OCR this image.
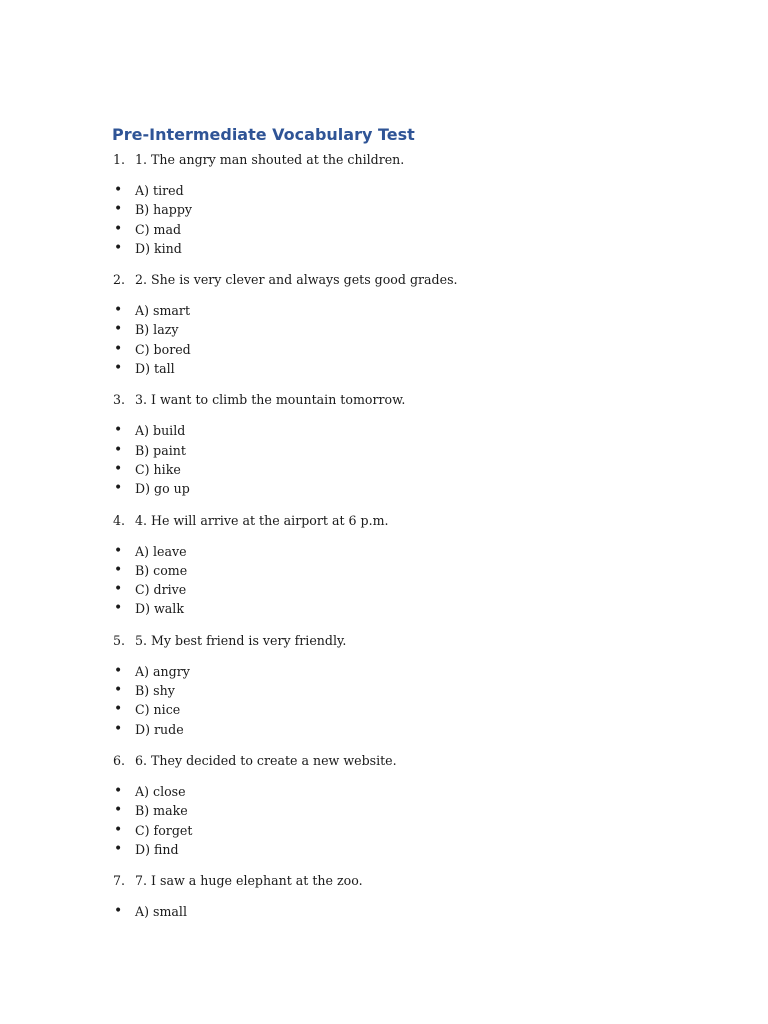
Pre-Intermediate Vocabulary Test
1. 1. The angry man shouted at the children.
• A) tired
• B) happy
• C) mad
• D) kind
2. 2. She is very clever and always gets good grades.
• A) smart
• B) lazy
• C) bored
• D) tall
3. 3. I want to climb the mountain tomorrow.
• A) build
• B) paint
• C) hike
• D) go up
4. 4. He will arrive at the airport at 6 p.m.
• A) leave
• B) come
• C) drive
• D) walk
5. 5. My best friend is very friendly.
• A) angry
• B) shy
• C) nice
• D) rude
6. 6. They decided to create a new website.
• A) close
• B) make
• C) forget
• D) find
7. 7. I saw a huge elephant at the zoo.
• A) small
